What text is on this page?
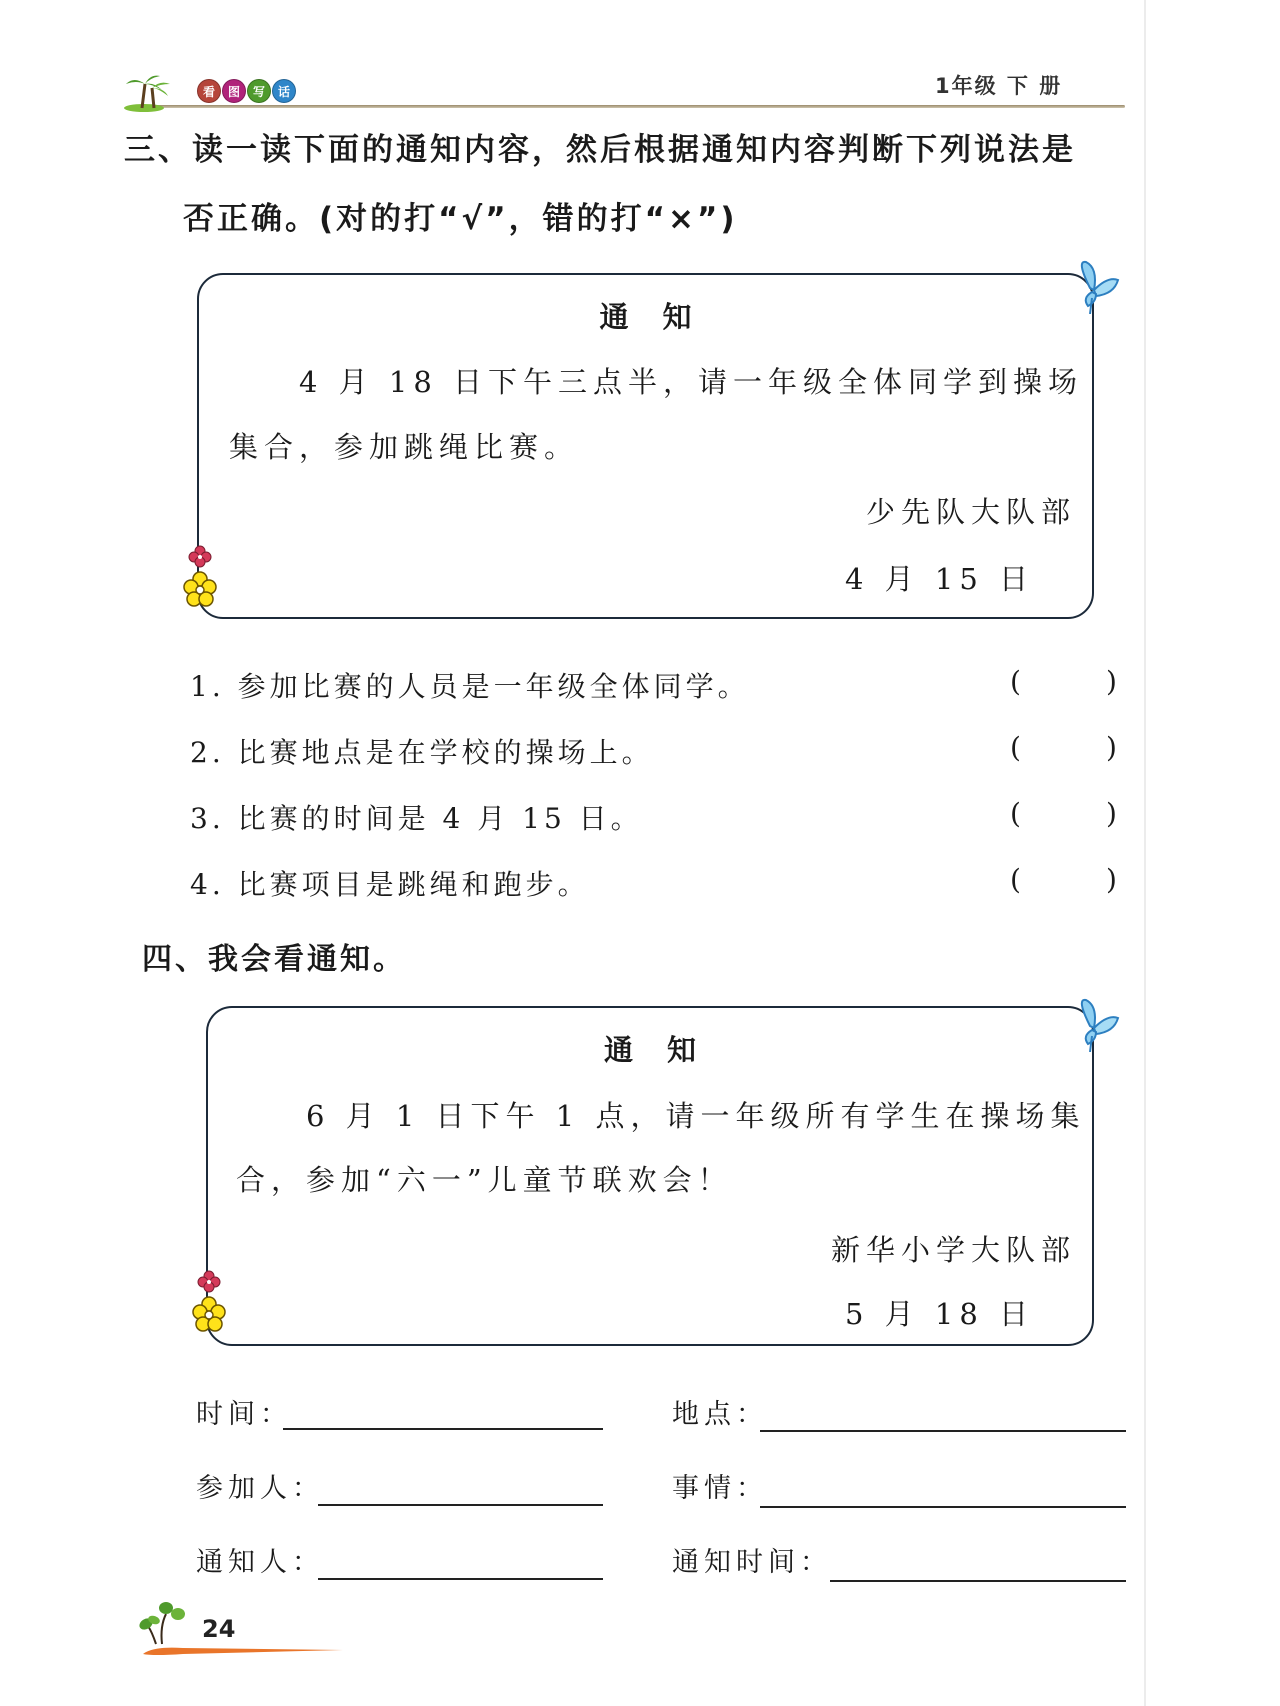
看	图	写	话	1年级 下 册
三、读一读下面的通知内容，然后根据通知内容判断下列说法是
否正确。(对的打“√”，错的打“×”)
通知
4 月 18 日下午三点半，请一年级全体同学到操场
集合，参加跳绳比赛。
少先队大队部
4 月 15 日
1. 参加比赛的人员是一年级全体同学。	(	)
2. 比赛地点是在学校的操场上。	(	)
3. 比赛的时间是 4 月 15 日。	(	)
4. 比赛项目是跳绳和跑步。	(	)
四、我会看通知。
通知
6 月 1 日下午 1 点，请一年级所有学生在操场集
合，参加“六一”儿童节联欢会！
新华小学大队部
5 月 18 日
时间：	地点：
参加人：	事情：
通知人：	通知时间：
24
